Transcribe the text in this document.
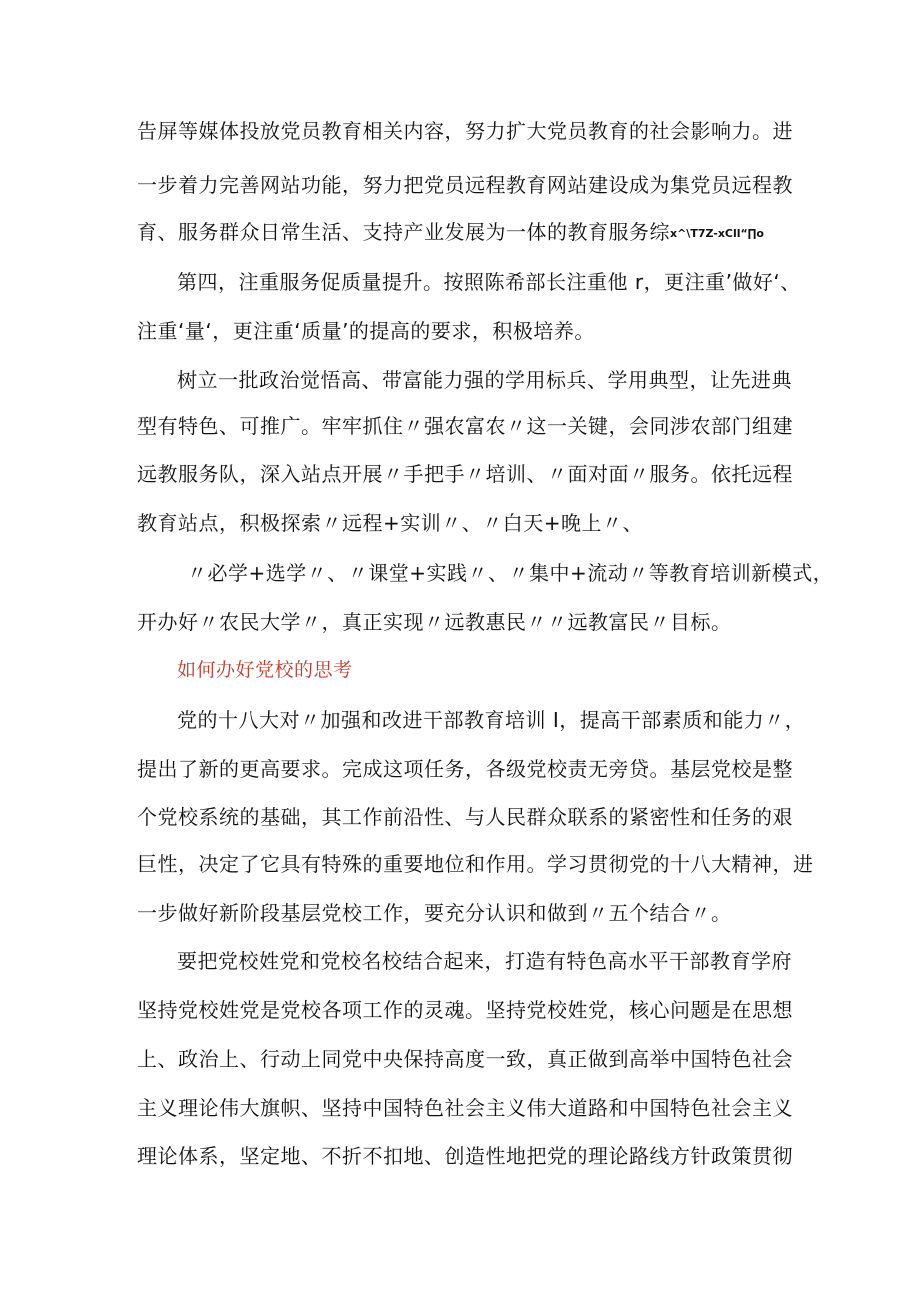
告屏等媒体投放党员教育相关内容，努力扩大党员教育的社会影响力。进
一步着力完善网站功能，努力把党员远程教育网站建设成为集党员远程教
育、服务群众日常生活、支持产业发展为一体的教育服务综x^\T7Z-xCll“∏o
第四，注重服务促质量提升。按照陈希部长注重他 r，更注重’做好‘、
注重‘量‘，更注重‘质量’的提高的要求，积极培养。
树立一批政治觉悟高、带富能力强的学用标兵、学用典型，让先进典
型有特色、可推广。牢牢抓住〃强农富农〃这一关键，会同涉农部门组建
远教服务队，深入站点开展〃手把手〃培训、〃面对面〃服务。依托远程
教育站点，积极探索〃远程+实训〃、〃白天+晚上〃、
〃必学+选学〃、〃课堂+实践〃、〃集中+流动〃等教育培训新模式，
开办好〃农民大学〃，真正实现〃远教惠民〃〃远教富民〃目标。
如何办好党校的思考
党的十八大对〃加强和改进干部教育培训 I，提高干部素质和能力〃，
提出了新的更高要求。完成这项任务，各级党校责无旁贷。基层党校是整
个党校系统的基础，其工作前沿性、与人民群众联系的紧密性和任务的艰
巨性，决定了它具有特殊的重要地位和作用。学习贯彻党的十八大精神，进
一步做好新阶段基层党校工作，要充分认识和做到〃五个结合〃。
要把党校姓党和党校名校结合起来，打造有特色高水平干部教育学府
坚持党校姓党是党校各项工作的灵魂。坚持党校姓党，核心问题是在思想
上、政治上、行动上同党中央保持高度一致，真正做到高举中国特色社会
主义理论伟大旗帜、坚持中国特色社会主义伟大道路和中国特色社会主义
理论体系，坚定地、不折不扣地、创造性地把党的理论路线方针政策贯彻
